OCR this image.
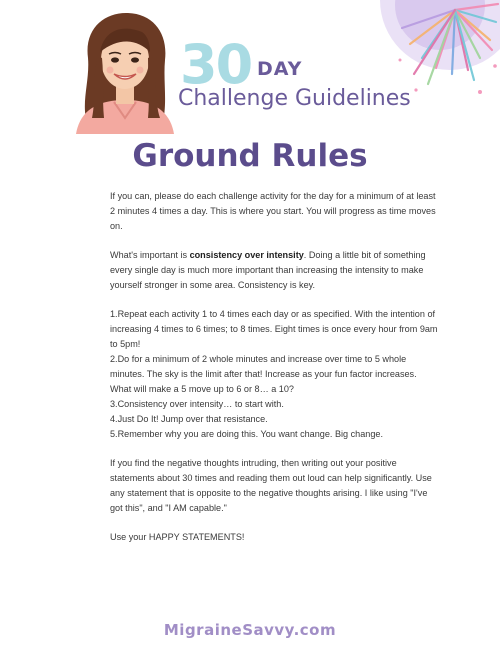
30 DAY
Challenge Guidelines
Ground Rules

If you can, please do each challenge activity for the day for a minimum of at least 2 minutes 4 times a day. This is where you start. You will progress as time moves on.

What's important is consistency over intensity. Doing a little bit of something every single day is much more important than increasing the intensity to make yourself stronger in some area. Consistency is key.

1.Repeat each activity 1 to 4 times each day or as specified. With the intention of increasing 4 times to 6 times; to 8 times. Eight times is once every hour from 9am to 5pm!
2.Do for a minimum of 2 whole minutes and increase over time to 5 whole minutes. The sky is the limit after that! Increase as your fun factor increases. What will make a 5 move up to 6 or 8… a 10?
3.Consistency over intensity… to start with.
4.Just Do It! Jump over that resistance.
5.Remember why you are doing this. You want change. Big change.

If you find the negative thoughts intruding, then writing out your positive statements about 30 times and reading them out loud can help significantly. Use any statement that is opposite to the negative thoughts arising. I like using "I've got this", and "I AM capable."

Use your HAPPY STATEMENTS!

MigraineSavvy.com
